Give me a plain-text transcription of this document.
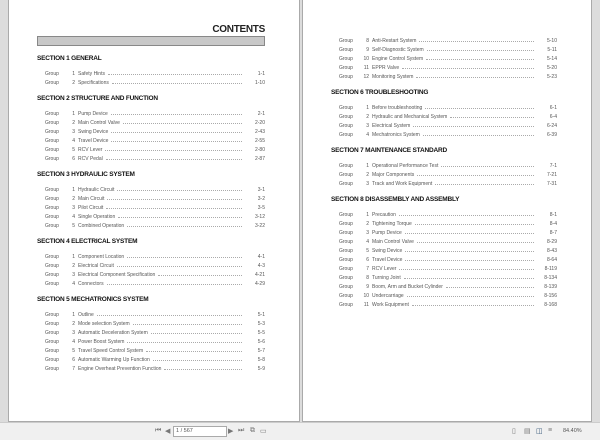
CONTENTS
SECTION 1 GENERAL
Group	1 Safety Hints	1-1
Group	2 Specifications	1-10
SECTION 2 STRUCTURE AND FUNCTION
Group	1 Pump Device	2-1
Group	2 Main Control Valve	2-20
Group	3 Swing Device	2-43
Group	4 Travel Device	2-55
Group	5 RCV Lever	2-80
Group	6 RCV Pedal	2-87
SECTION 3 HYDRAULIC SYSTEM
Group	1 Hydraulic Circuit	3-1
Group	2 Main Circuit	3-2
Group	3 Pilot Circuit	3-5
Group	4 Single Operation	3-12
Group	5 Combined Operation	3-22
SECTION 4 ELECTRICAL SYSTEM
Group	1 Component Location	4-1
Group	2 Electrical Circuit	4-3
Group	3 Electrical Component Specification	4-21
Group	4 Connectors	4-29
SECTION 5 MECHATRONICS SYSTEM
Group	1 Outline	5-1
Group	2 Mode selection System	5-3
Group	3 Automatic Deceleration System	5-5
Group	4 Power Boost System	5-6
Group	5 Travel Speed Control System	5-7
Group	6 Automatic Warming Up Function	5-8
Group	7 Engine Overheat Prevention Function	5-9
Group	8 Anti-Restart System	5-10
Group	9 Self-Diagnostic System	5-11
Group	10 Engine Control System	5-14
Group	11 EPPR Valve	5-20
Group	12 Monitoring System	5-23
SECTION 6 TROUBLESHOOTING
Group	1 Before troubleshooting	6-1
Group	2 Hydraulic and Mechanical System	6-4
Group	3 Electrical System	6-24
Group	4 Mechatronics System	6-39
SECTION 7 MAINTENANCE STANDARD
Group	1 Operational Performance Test	7-1
Group	2 Major Components	7-21
Group	3 Track and Work Equipment	7-31
SECTION 8 DISASSEMBLY AND ASSEMBLY
Group	1 Precaution	8-1
Group	2 Tightening Torque	8-4
Group	3 Pump Device	8-7
Group	4 Main Control Valve	8-29
Group	5 Swing Device	8-43
Group	6 Travel Device	8-64
Group	7 RCV Lever	8-119
Group	8 Turning Joint	8-134
Group	9 Boom, Arm and Bucket Cylinder	8-139
Group	10 Undercarriage	8-156
Group	11 Work Equipment	8-168
⏮ ◀	1 / 567	▶ ⏭ ⧉ ▭	▯ ▤ ◫ ≡ 84.40%
